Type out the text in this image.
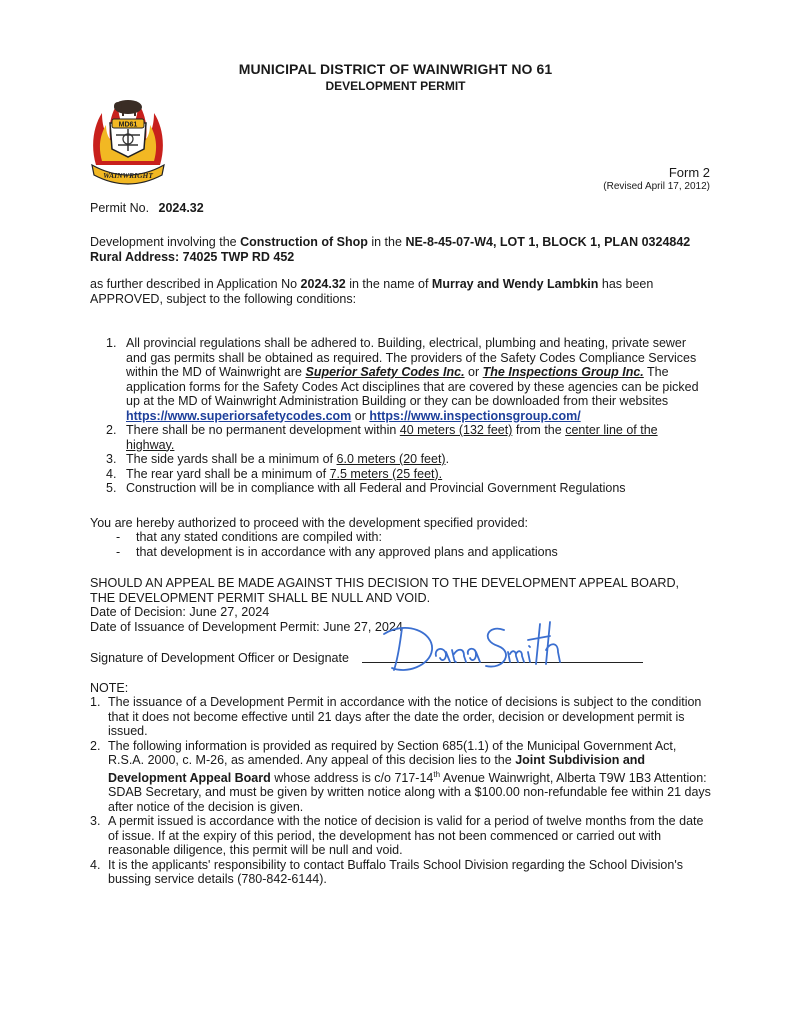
MUNICIPAL DISTRICT OF WAINWRIGHT NO 61
DEVELOPMENT PERMIT
MD61
WAINWRIGHT	Form 2
(Revised April 17, 2012)
Permit No. 2024.32
Development involving the Construction of Shop in the NE-8-45-07-W4, LOT 1, BLOCK 1, PLAN 0324842
Rural Address: 74025 TWP RD 452
as further described in Application No 2024.32 in the name of Murray and Wendy Lambkin has been
APPROVED, subject to the following conditions:
1. All provincial regulations shall be adhered to. Building, electrical, plumbing and heating, private sewer and gas permits shall be obtained as required. The providers of the Safety Codes Compliance Services within the MD of Wainwright are Superior Safety Codes Inc. or The Inspections Group Inc. The application forms for the Safety Codes Act disciplines that are covered by these agencies can be picked up at the MD of Wainwright Administration Building or they can be downloaded from their websites https://www.superiorsafetycodes.com or https://www.inspectionsgroup.com/
2. There shall be no permanent development within 40 meters (132 feet) from the center line of the highway.
3. The side yards shall be a minimum of 6.0 meters (20 feet).
4. The rear yard shall be a minimum of 7.5 meters (25 feet).
5. Construction will be in compliance with all Federal and Provincial Government Regulations
You are hereby authorized to proceed with the development specified provided:
- that any stated conditions are compiled with:
- that development is in accordance with any approved plans and applications
SHOULD AN APPEAL BE MADE AGAINST THIS DECISION TO THE DEVELOPMENT APPEAL BOARD,
THE DEVELOPMENT PERMIT SHALL BE NULL AND VOID.
Date of Decision: June 27, 2024
Date of Issuance of Development Permit: June 27, 2024
Signature of Development Officer or Designate
NOTE:
1. The issuance of a Development Permit in accordance with the notice of decisions is subject to the condition that it does not become effective until 21 days after the date the order, decision or development permit is issued.
2. The following information is provided as required by Section 685(1.1) of the Municipal Government Act, R.S.A. 2000, c. M-26, as amended. Any appeal of this decision lies to the Joint Subdivision and Development Appeal Board whose address is c/o 717-14th Avenue Wainwright, Alberta T9W 1B3 Attention: SDAB Secretary, and must be given by written notice along with a $100.00 non-refundable fee within 21 days after notice of the decision is given.
3. A permit issued is accordance with the notice of decision is valid for a period of twelve months from the date of issue. If at the expiry of this period, the development has not been commenced or carried out with reasonable diligence, this permit will be null and void.
4. It is the applicants' responsibility to contact Buffalo Trails School Division regarding the School Division's bussing service details (780-842-6144).
